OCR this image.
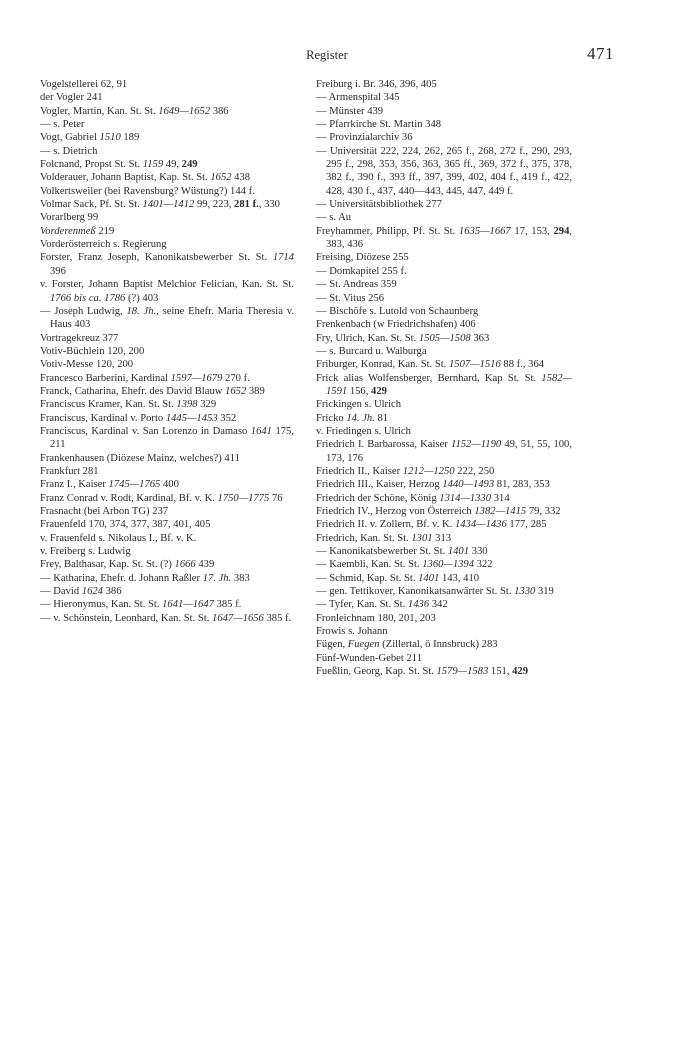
Register	471
Vogelstellerei 62, 91
der Vogler 241
Vogler, Martin, Kan. St. St. 1649—1652 386
— s. Peter
Vogt, Gabriel 1510 189
— s. Dietrich
Folcnand, Propst St. St. 1159 49, 249
Volderauer, Johann Baptist, Kap. St. St. 1652 438
Volkertsweiler (bei Ravensburg? Wüstung?) 144 f.
Volmar Sack, Pf. St. St. 1401—1412 99, 223, 281 f., 330
Vorarlberg 99
Vorderenmeß 219
Vorderösterreich s. Regierung
Forster, Franz Joseph, Kanonikatsbewerber St. St. 1714 396
v. Forster, Johann Baptist Melchior Felician, Kan. St. St. 1766 bis ca. 1786 (?) 403
— Joseph Ludwig, 18. Jh., seine Ehefr. Maria Theresia v. Haus 403
Vortragekreuz 377
Votiv-Büchlein 120, 200
Votiv-Messe 120, 200
Francesco Barberini, Kardinal 1597—1679 270 f.
Franck, Catharina, Ehefr. des David Blauw 1652 389
Franciscus Kramer, Kan. St. St. 1398 329
Franciscus, Kardinal v. Porto 1445—1453 352
Franciscus, Kardinal v. San Lorenzo in Damaso 1641 175, 211
Frankenhausen (Diözese Mainz, welches?) 411
Frankfurt 281
Franz I., Kaiser 1745—1765 400
Franz Conrad v. Rodt, Kardinal, Bf. v. K. 1750—1775 76
Frasnacht (bei Arbon TG) 237
Frauenfeld 170, 374, 377, 387, 401, 405
v. Frauenfeld s. Nikolaus I., Bf. v. K.
v. Freiberg s. Ludwig
Frey, Balthasar, Kap. St. St. (?) 1666 439
— Katharina, Ehefr. d. Johann Raßler 17. Jh. 383
— David 1624 386
— Hieronymus, Kan. St. St. 1641—1647 385 f.
— v. Schönstein, Leonhard, Kan. St. St. 1647—1656 385 f.
Freiburg i. Br. 346, 396, 405
— Armenspital 345
— Münster 439
— Pfarrkirche St. Martin 348
— Provinzialarchiv 36
— Universität 222, 224, 262, 265 f., 268, 272 f., 290, 293, 295 f., 298, 353, 356, 363, 365 ff., 369, 372 f., 375, 378, 382 f., 390 f., 393 ff., 397, 399, 402, 404 f., 419 f., 422, 428, 430 f., 437, 440—443, 445, 447, 449 f.
— Universitätsbibliothek 277
— s. Au
Freyhammer, Philipp, Pf. St. St. 1635—1667 17, 153, 294, 383, 436
Freising, Diözese 255
— Domkapitel 255 f.
— St. Andreas 359
— St. Vitus 256
— Bischöfe s. Lutold von Schaunberg
Frenkenbach (w Friedrichshafen) 406
Fry, Ulrich, Kan. St. St. 1505—1508 363
— s. Burcard u. Walburga
Friburger, Konrad, Kan. St. St. 1507—1516 88 f., 364
Frick alias Wolfensberger, Bernhard, Kap St. St. 1582—1591 156, 429
Frickingen s. Ulrich
Fricko 14. Jh. 81
v. Friedingen s. Ulrich
Friedrich I. Barbarossa, Kaiser 1152—1190 49, 51, 55, 100, 173, 176
Friedrich II., Kaiser 1212—1250 222, 250
Friedrich III., Kaiser, Herzog 1440—1493 81, 283, 353
Friedrich der Schöne, König 1314—1330 314
Friedrich IV., Herzog von Österreich 1382—1415 79, 332
Friedrich II. v. Zollern, Bf. v. K. 1434—1436 177, 285
Friedrich, Kan. St. St. 1301 313
— Kanonikatsbewerber St. St. 1401 330
— Kaembli, Kan. St. St. 1360—1394 322
— Schmid, Kap. St. St. 1401 143, 410
— gen. Tettikover, Kanonikatsanwärter St. St. 1330 319
— Tyfer, Kan. St. St. 1436 342
Fronleichnam 180, 201, 203
Frowis s. Johann
Fügen, Fuegen (Zillertal, ö Innsbruck) 283
Fünf-Wunden-Gebet 211
Fueßlin, Georg, Kap. St. St. 1579—1583 151, 429
